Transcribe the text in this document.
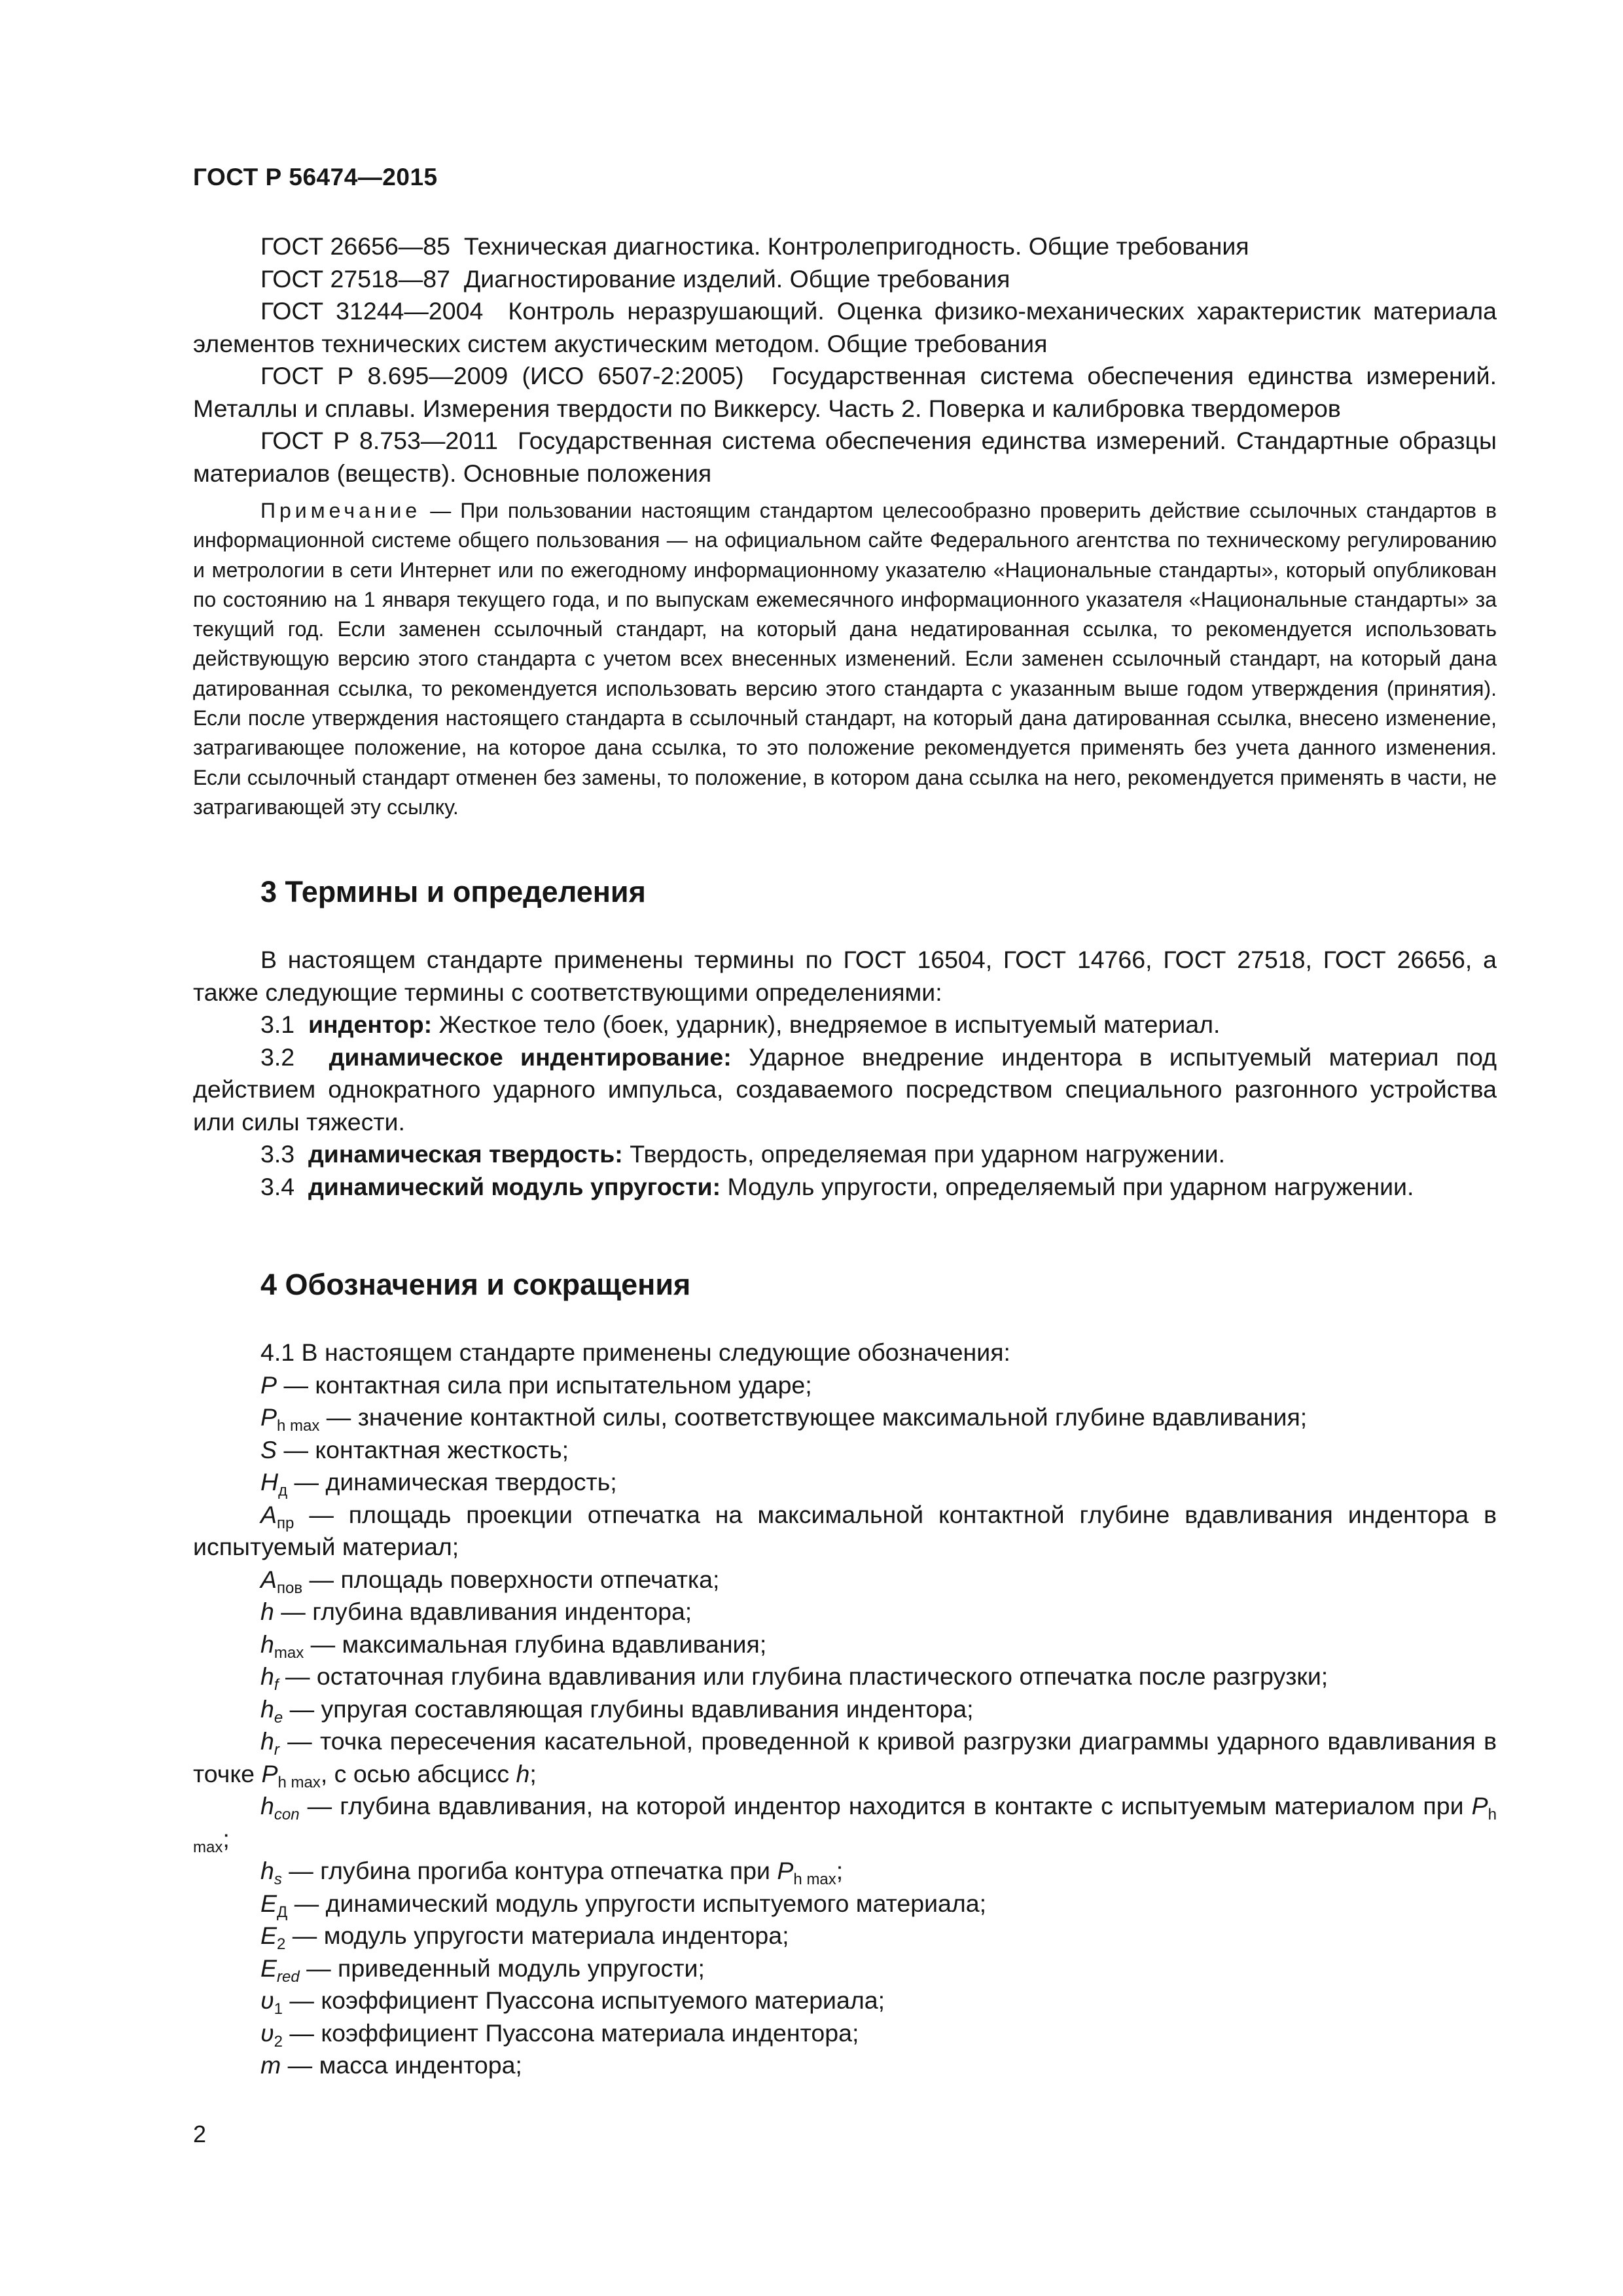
ГОСТ Р 56474—2015

ГОСТ 26656—85 Техническая диагностика. Контролепригодность. Общие требования

ГОСТ 27518—87 Диагностирование изделий. Общие требования

ГОСТ 31244—2004 Контроль неразрушающий. Оценка физико-механических характеристик материала элементов технических систем акустическим методом. Общие требования

ГОСТ Р 8.695—2009 (ИСО 6507-2:2005) Государственная система обеспечения единства измерений. Металлы и сплавы. Измерения твердости по Виккерсу. Часть 2. Поверка и калибровка твердомеров

ГОСТ Р 8.753—2011 Государственная система обеспечения единства измерений. Стандартные образцы материалов (веществ). Основные положения

Примечание — При пользовании настоящим стандартом целесообразно проверить действие ссылочных стандартов в информационной системе общего пользования — на официальном сайте Федерального агентства по техническому регулированию и метрологии в сети Интернет или по ежегодному информационному указателю «Национальные стандарты», который опубликован по состоянию на 1 января текущего года, и по выпускам ежемесячного информационного указателя «Национальные стандарты» за текущий год. Если заменен ссылочный стандарт, на который дана недатированная ссылка, то рекомендуется использовать действующую версию этого стандарта с учетом всех внесенных изменений. Если заменен ссылочный стандарт, на который дана датированная ссылка, то рекомендуется использовать версию этого стандарта с указанным выше годом утверждения (принятия). Если после утверждения настоящего стандарта в ссылочный стандарт, на который дана датированная ссылка, внесено изменение, затрагивающее положение, на которое дана ссылка, то это положение рекомендуется применять без учета данного изменения. Если ссылочный стандарт отменен без замены, то положение, в котором дана ссылка на него, рекомендуется применять в части, не затрагивающей эту ссылку.

3 Термины и определения

В настоящем стандарте применены термины по ГОСТ 16504, ГОСТ 14766, ГОСТ 27518, ГОСТ 26656, а также следующие термины с соответствующими определениями:

3.1 индентор: Жесткое тело (боек, ударник), внедряемое в испытуемый материал.

3.2 динамическое индентирование: Ударное внедрение индентора в испытуемый материал под действием однократного ударного импульса, создаваемого посредством специального разгонного устройства или силы тяжести.

3.3 динамическая твердость: Твердость, определяемая при ударном нагружении.

3.4 динамический модуль упругости: Модуль упругости, определяемый при ударном нагружении.

4 Обозначения и сокращения

4.1 В настоящем стандарте применены следующие обозначения:

P — контактная сила при испытательном ударе;

$P_{h max}$ — значение контактной силы, соответствующее максимальной глубине вдавливания;

S — контактная жесткость;

$H_д$ — динамическая твердость;

$A_{пр}$ — площадь проекции отпечатка на максимальной контактной глубине вдавливания индентора в испытуемый материал;

$A_{пов}$ — площадь поверхности отпечатка;

h — глубина вдавливания индентора;

$h_{max}$ — максимальная глубина вдавливания;

$h_f$ — остаточная глубина вдавливания или глубина пластического отпечатка после разгрузки;

$h_e$ — упругая составляющая глубины вдавливания индентора;

$h_r$ — точка пересечения касательной, проведенной к кривой разгрузки диаграммы ударного вдавливания в точке $P_{h max}$, с осью абсцисс h;

$h_{con}$ — глубина вдавливания, на которой индентор находится в контакте с испытуемым материалом при $P_{h max}$;

$h_s$ — глубина прогиба контура отпечатка при $P_{h max}$;

$E_Д$ — динамический модуль упругости испытуемого материала;

$E_2$ — модуль упругости материала индентора;

$E_{red}$ — приведенный модуль упругости;

$\upsilon_1$ — коэффициент Пуассона испытуемого материала;

$\upsilon_2$ — коэффициент Пуассона материала индентора;

m — масса индентора;

2
